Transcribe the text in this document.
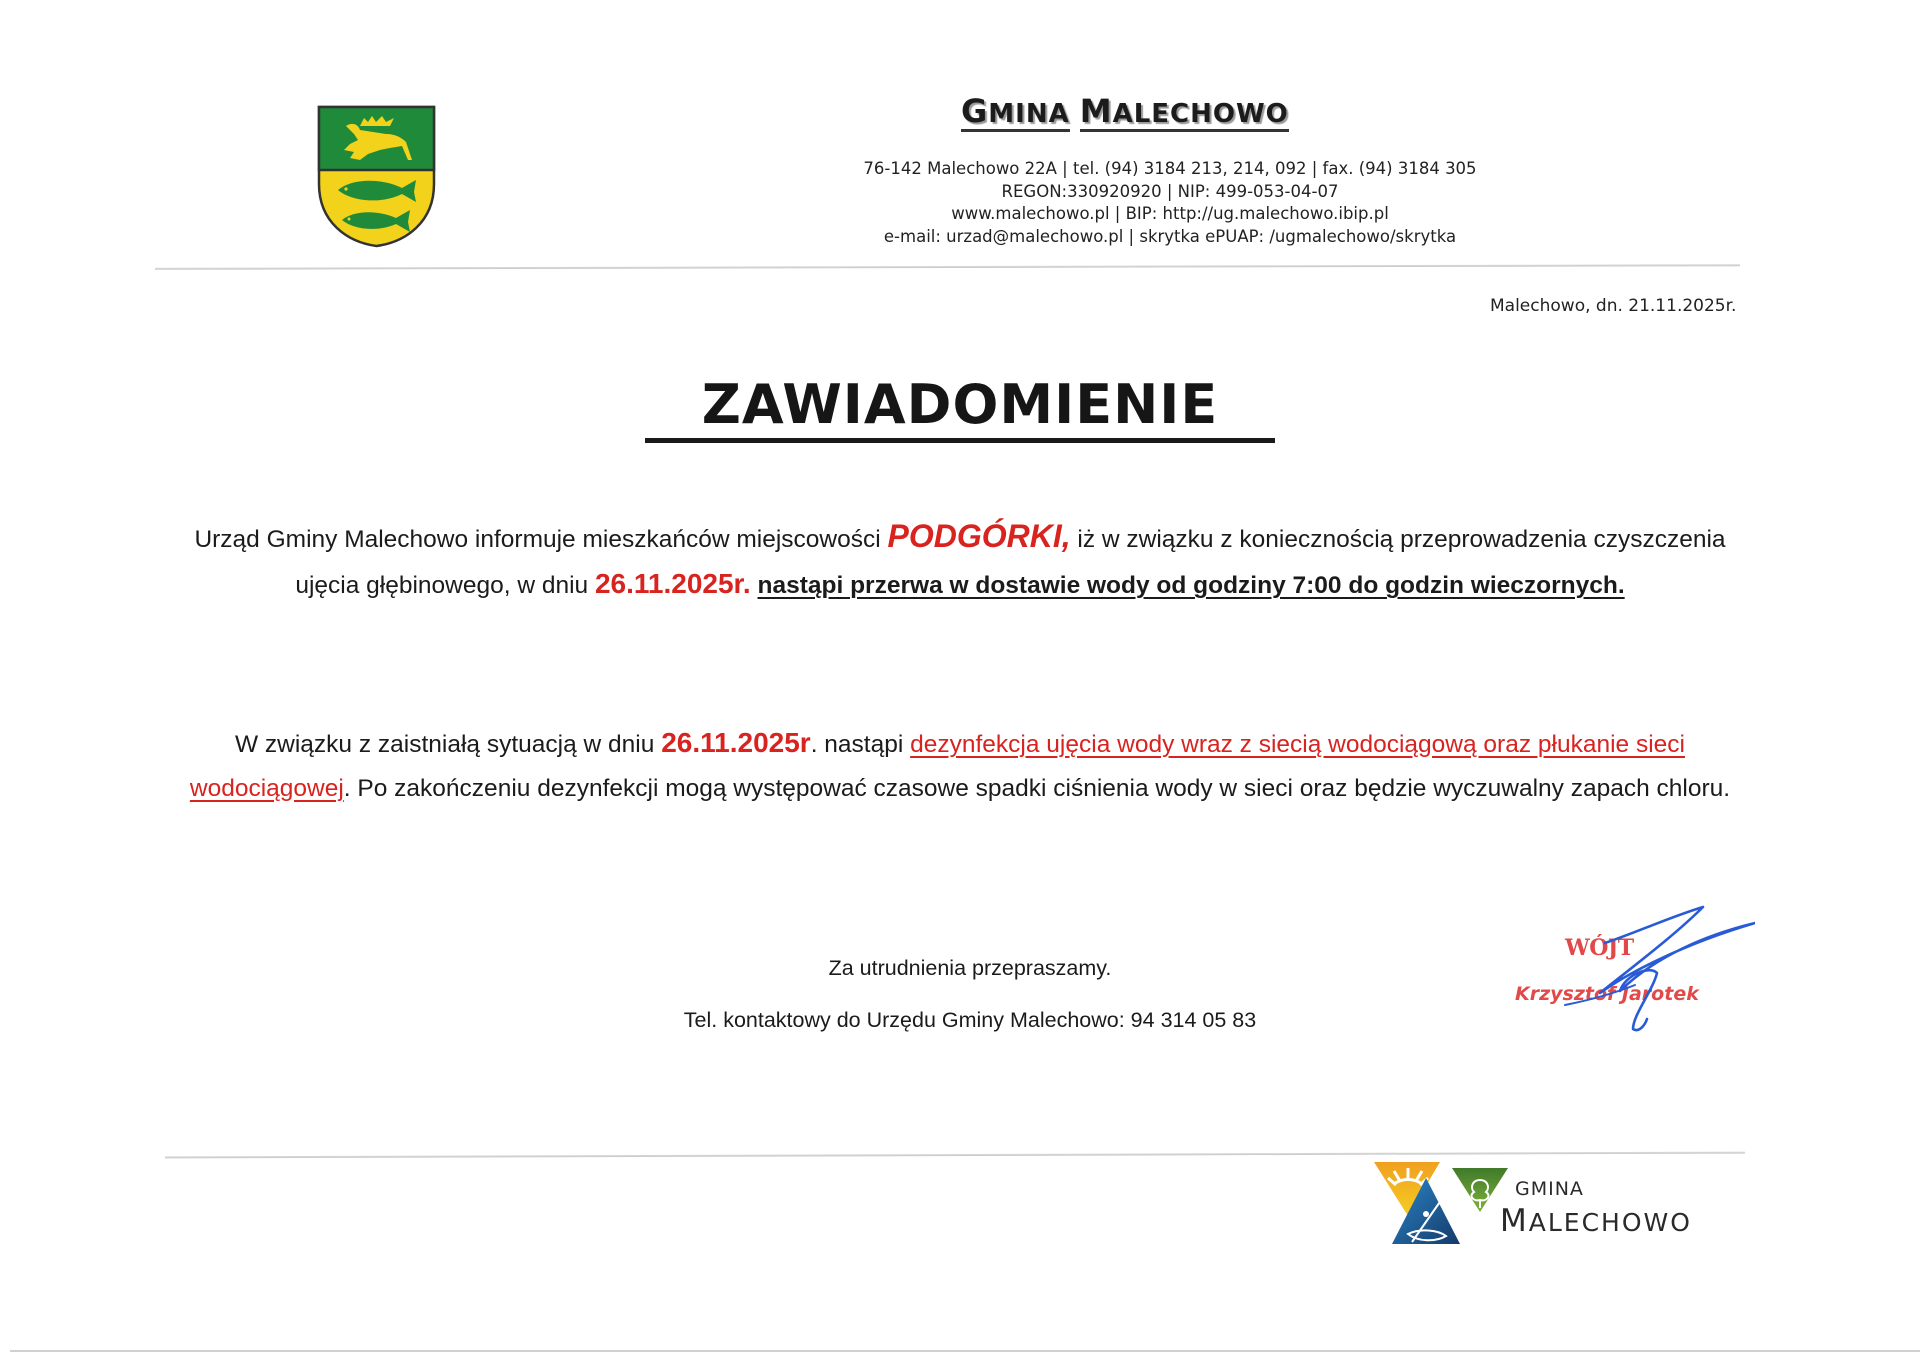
GMINA MALECHOWO
76-142 Malechowo 22A | tel. (94) 3184 213, 214, 092 | fax. (94) 3184 305
REGON:330920920 | NIP: 499-053-04-07
www.malechowo.pl | BIP: http://ug.malechowo.ibip.pl
e-mail: urzad@malechowo.pl | skrytka ePUAP: /ugmalechowo/skrytka
Malechowo, dn. 21.11.2025r.
ZAWIADOMIENIE
Urząd Gminy Malechowo informuje mieszkańców miejscowości PODGÓRKI, iż w związku z koniecznością przeprowadzenia czyszczenia ujęcia głębinowego, w dniu 26.11.2025r. nastąpi przerwa w dostawie wody od godziny 7:00 do godzin wieczornych.
W związku z zaistniałą sytuacją w dniu 26.11.2025r. nastąpi dezynfekcja ujęcia wody wraz z siecią wodociągową oraz płukanie sieci wodociągowej. Po zakończeniu dezynfekcji mogą występować czasowe spadki ciśnienia wody w sieci oraz będzie wyczuwalny zapach chloru.
Za utrudnienia przepraszamy.
Tel. kontaktowy do Urzędu Gminy Malechowo: 94 314 05 83
WÓJT
Krzysztof Jarotek
GMINA
MALECHOWO
